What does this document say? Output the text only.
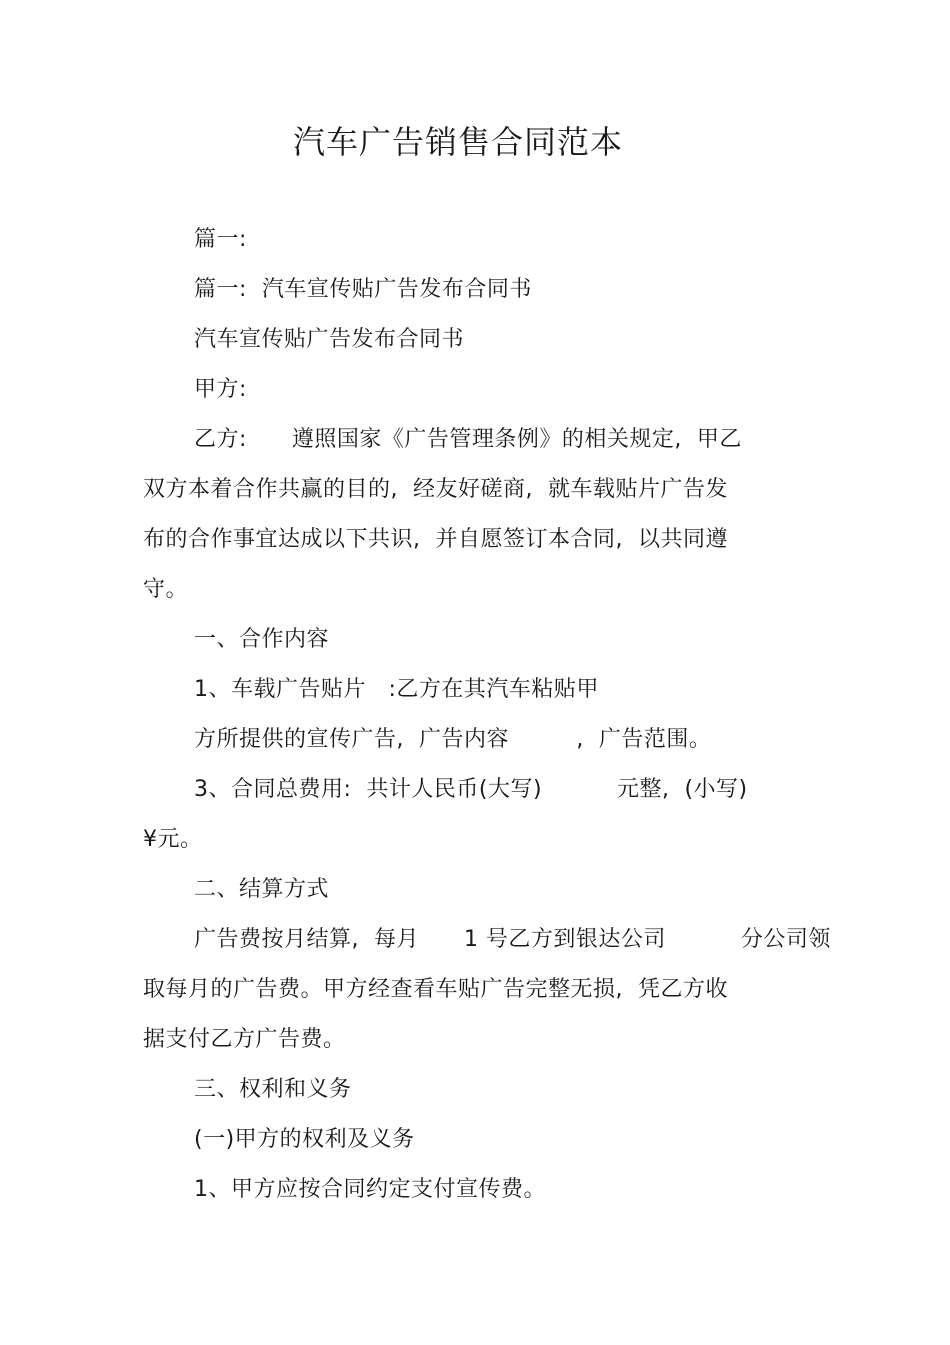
汽车广告销售合同范本
篇一:
篇一:  汽车宣传贴广告发布合同书
汽车宣传贴广告发布合同书
甲方:
乙方:      遵照国家《广告管理条例》的相关规定,  甲乙
双方本着合作共赢的目的,  经友好磋商,  就车载贴片广告发
布的合作事宜达成以下共识,  并自愿签订本合同,  以共同遵
守。
一、合作内容
1、车载广告贴片   :乙方在其汽车粘贴甲
方所提供的宣传广告,  广告内容         ,  广告范围。
3、合同总费用:  共计人民币(大写)          元整,  (小写)
¥元。
二、结算方式
广告费按月结算,  每月      1 号乙方到银达公司          分公司领
取每月的广告费。甲方经查看车贴广告完整无损,  凭乙方收
据支付乙方广告费。
三、权利和义务
(一)甲方的权利及义务
1、甲方应按合同约定支付宣传费。
